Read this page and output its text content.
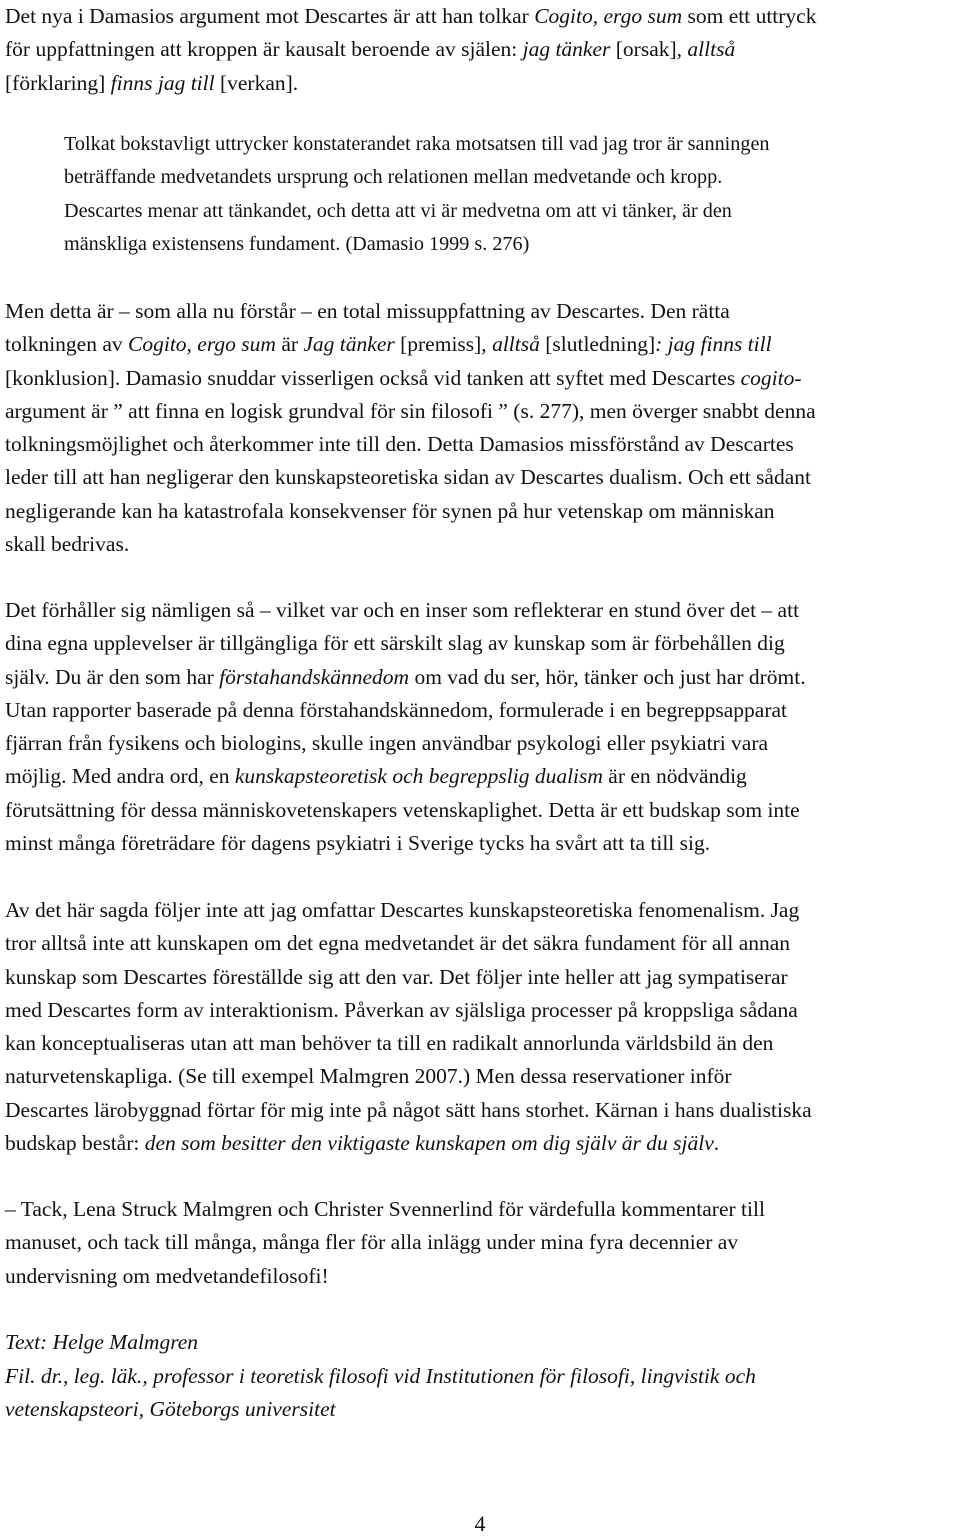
Det nya i Damasios argument mot Descartes är att han tolkar Cogito, ergo sum som ett uttryck
för uppfattningen att kroppen är kausalt beroende av själen: jag tänker [orsak], alltså
[förklaring] finns jag till [verkan].
Tolkat bokstavligt uttrycker konstaterandet raka motsatsen till vad jag tror är sanningen
beträffande medvetandets ursprung och relationen mellan medvetande och kropp.
Descartes menar att tänkandet, och detta att vi är medvetna om att vi tänker, är den
mänskliga existensens fundament. (Damasio 1999 s. 276)
Men detta är – som alla nu förstår – en total missuppfattning av Descartes. Den rätta
tolkningen av Cogito, ergo sum är Jag tänker [premiss], alltså [slutledning]: jag finns till
[konklusion]. Damasio snuddar visserligen också vid tanken att syftet med Descartes cogito-
argument är ” att finna en logisk grundval för sin filosofi ” (s. 277), men överger snabbt denna
tolkningsmöjlighet och återkommer inte till den. Detta Damasios missförstånd av Descartes
leder till att han negligerar den kunskapsteoretiska sidan av Descartes dualism. Och ett sådant
negligerande kan ha katastrofala konsekvenser för synen på hur vetenskap om människan
skall bedrivas.
Det förhåller sig nämligen så – vilket var och en inser som reflekterar en stund över det – att
dina egna upplevelser är tillgängliga för ett särskilt slag av kunskap som är förbehållen dig
själv. Du är den som har förstahandskännedom om vad du ser, hör, tänker och just har drömt.
Utan rapporter baserade på denna förstahandskännedom, formulerade i en begreppsapparat
fjärran från fysikens och biologins, skulle ingen användbar psykologi eller psykiatri vara
möjlig. Med andra ord, en kunskapsteoretisk och begreppslig dualism är en nödvändig
förutsättning för dessa människovetenskapers vetenskaplighet. Detta är ett budskap som inte
minst många företrädare för dagens psykiatri i Sverige tycks ha svårt att ta till sig.
Av det här sagda följer inte att jag omfattar Descartes kunskapsteoretiska fenomenalism. Jag
tror alltså inte att kunskapen om det egna medvetandet är det säkra fundament för all annan
kunskap som Descartes föreställde sig att den var. Det följer inte heller att jag sympatiserar
med Descartes form av interaktionism. Påverkan av själsliga processer på kroppsliga sådana
kan konceptualiseras utan att man behöver ta till en radikalt annorlunda världsbild än den
naturvetenskapliga. (Se till exempel Malmgren 2007.) Men dessa reservationer inför
Descartes lärobyggnad förtar för mig inte på något sätt hans storhet. Kärnan i hans dualistiska
budskap består: den som besitter den viktigaste kunskapen om dig själv är du själv.
– Tack, Lena Struck Malmgren och Christer Svennerlind för värdefulla kommentarer till
manuset, och tack till många, många fler för alla inlägg under mina fyra decennier av
undervisning om medvetandefilosofi!
Text: Helge Malmgren
Fil. dr., leg. läk., professor i teoretisk filosofi vid Institutionen för filosofi, lingvistik och
vetenskapsteori, Göteborgs universitet
4
